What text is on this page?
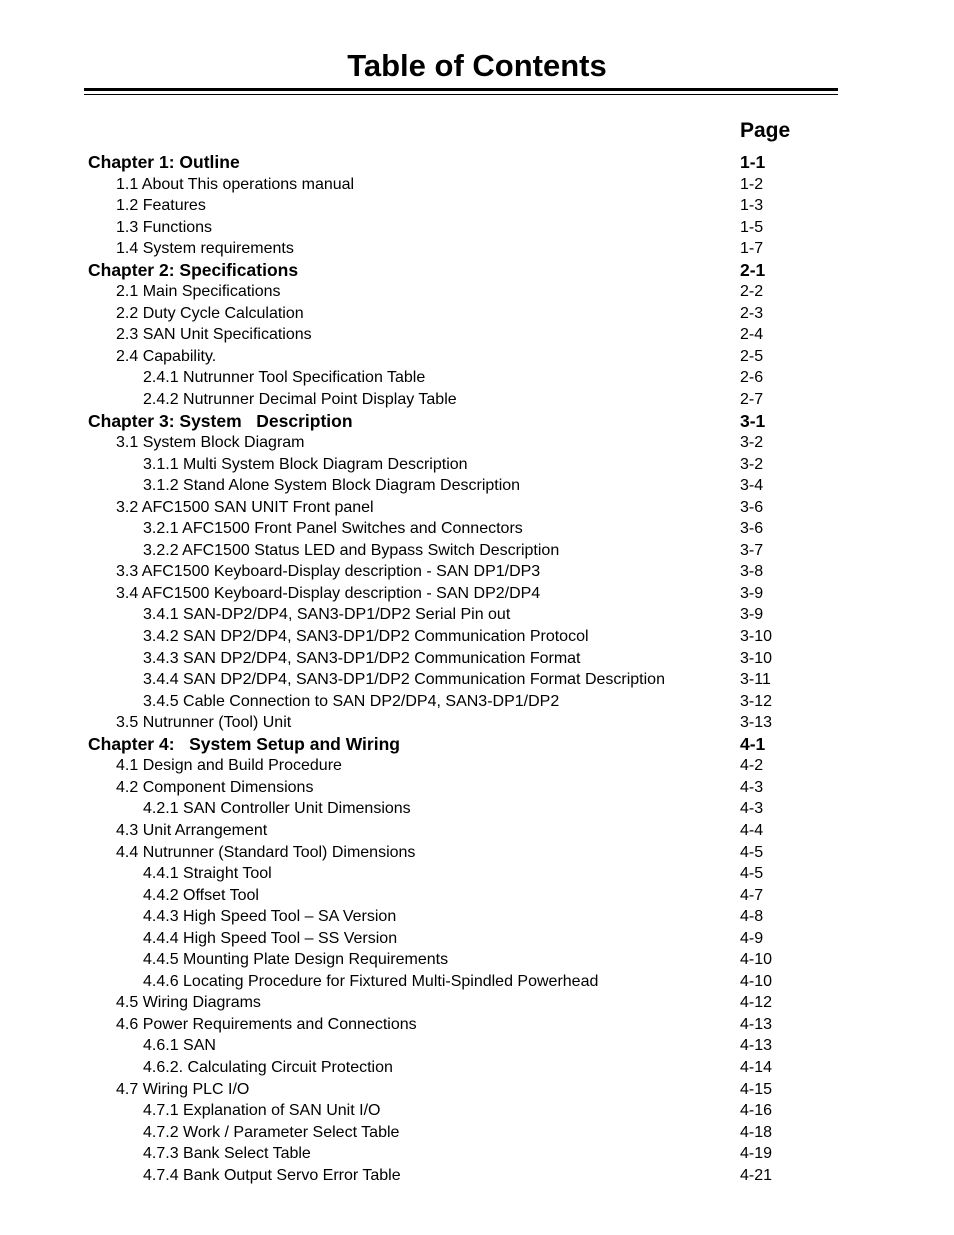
Table of Contents
Page
Chapter 1: Outline	1-1
1.1 About This operations manual	1-2
1.2 Features	1-3
1.3 Functions	1-5
1.4 System requirements	1-7
Chapter 2: Specifications	2-1
2.1 Main Specifications	2-2
2.2 Duty Cycle Calculation	2-3
2.3 SAN Unit Specifications	2-4
2.4 Capability.	2-5
2.4.1 Nutrunner Tool Specification Table	2-6
2.4.2 Nutrunner Decimal Point Display Table	2-7
Chapter 3: System   Description	3-1
3.1 System Block Diagram	3-2
3.1.1 Multi System Block Diagram Description	3-2
3.1.2 Stand Alone System Block Diagram Description	3-4
3.2 AFC1500 SAN UNIT Front panel	3-6
3.2.1 AFC1500 Front Panel Switches and Connectors	3-6
3.2.2 AFC1500 Status LED and Bypass Switch Description	3-7
3.3 AFC1500 Keyboard-Display description - SAN DP1/DP3	3-8
3.4 AFC1500 Keyboard-Display description - SAN DP2/DP4	3-9
3.4.1 SAN-DP2/DP4, SAN3-DP1/DP2 Serial Pin out	3-9
3.4.2 SAN DP2/DP4, SAN3-DP1/DP2 Communication Protocol	3-10
3.4.3 SAN DP2/DP4, SAN3-DP1/DP2 Communication Format	3-10
3.4.4 SAN DP2/DP4, SAN3-DP1/DP2 Communication Format Description	3-11
3.4.5 Cable Connection to SAN DP2/DP4, SAN3-DP1/DP2	3-12
3.5 Nutrunner (Tool) Unit	3-13
Chapter 4:   System Setup and Wiring	4-1
4.1 Design and Build Procedure	4-2
4.2 Component Dimensions	4-3
4.2.1 SAN Controller Unit Dimensions	4-3
4.3 Unit Arrangement	4-4
4.4 Nutrunner (Standard Tool) Dimensions	4-5
4.4.1 Straight Tool	4-5
4.4.2 Offset Tool	4-7
4.4.3 High Speed Tool – SA Version	4-8
4.4.4 High Speed Tool – SS Version	4-9
4.4.5 Mounting Plate Design Requirements	4-10
4.4.6 Locating Procedure for Fixtured Multi-Spindled Powerhead	4-10
4.5 Wiring Diagrams	4-12
4.6 Power Requirements and Connections	4-13
4.6.1 SAN	4-13
4.6.2. Calculating Circuit Protection	4-14
4.7 Wiring PLC I/O	4-15
4.7.1 Explanation of SAN Unit I/O	4-16
4.7.2 Work / Parameter Select Table	4-18
4.7.3 Bank Select Table	4-19
4.7.4 Bank Output Servo Error Table	4-21
